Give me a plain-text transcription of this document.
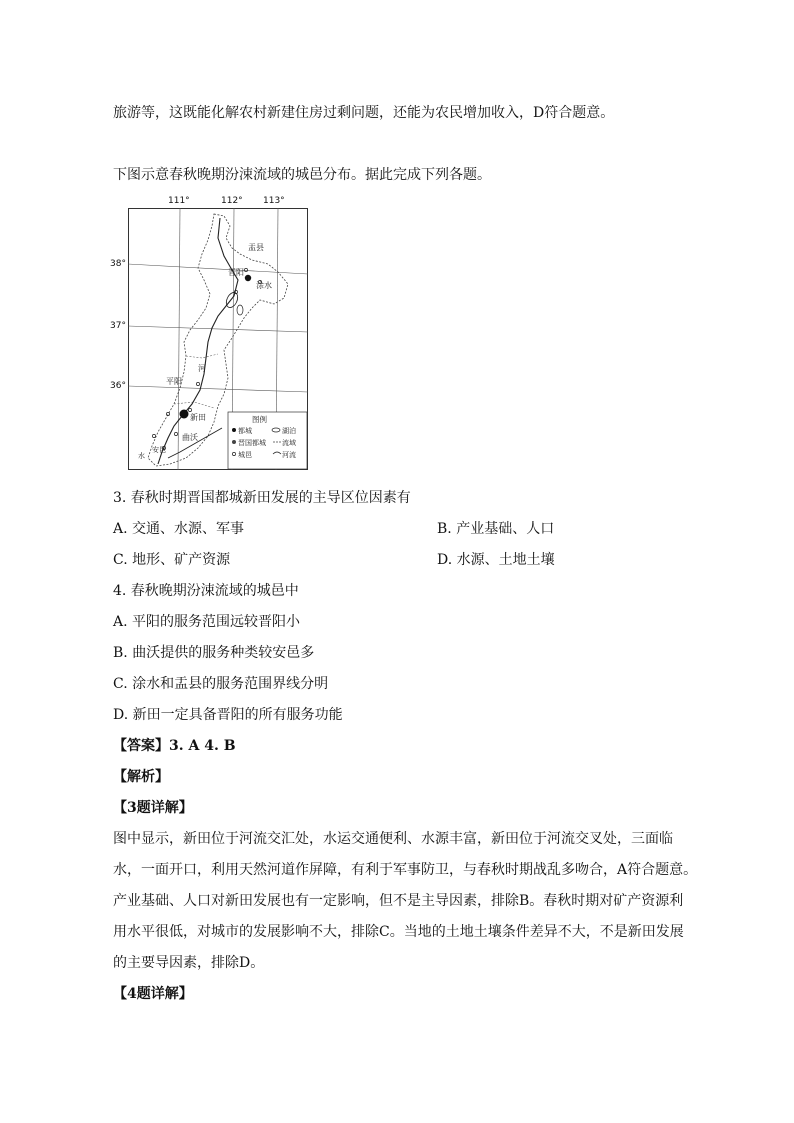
旅游等，这既能化解农村新建住房过剩问题，还能为农民增加收入，D符合题意。
下图示意春秋晚期汾涑流域的城邑分布。据此完成下列各题。
盂县
晋阳
涂水
河
平阳
新田
曲沃
安邑
水
图例
都城	湖泊
晋国都城 流域
城邑	河流
111°	112° 113°
38°
37°
36°
3. 春秋时期晋国都城新田发展的主导区位因素有
A. 交通、水源、军事	B. 产业基础、人口
C. 地形、矿产资源	D. 水源、土地土壤
4. 春秋晚期汾涑流域的城邑中
A. 平阳的服务范围远较晋阳小
B. 曲沃提供的服务种类较安邑多
C. 涂水和盂县的服务范围界线分明
D. 新田一定具备晋阳的所有服务功能
【答案】3. A 4. B
【解析】
【3题详解】
图中显示，新田位于河流交汇处，水运交通便利、水源丰富，新田位于河流交叉处，三面临
水，一面开口，利用天然河道作屏障，有利于军事防卫，与春秋时期战乱多吻合，A符合题意。
产业基础、人口对新田发展也有一定影响，但不是主导因素，排除B。春秋时期对矿产资源利
用水平很低，对城市的发展影响不大，排除C。当地的土地土壤条件差异不大，不是新田发展
的主要导因素，排除D。
【4题详解】
